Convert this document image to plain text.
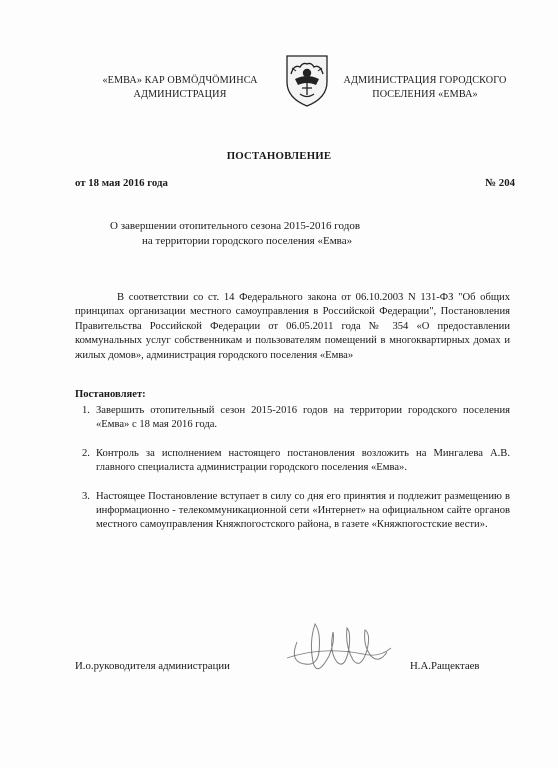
«ЕМВА» КАР ОВМÖДЧÖМИНСА
АДМИНИСТРАЦИЯ
АДМИНИСТРАЦИЯ ГОРОДСКОГО
ПОСЕЛЕНИЯ «ЕМВА»
ПОСТАНОВЛЕНИЕ
от 18 мая 2016 года	№ 204
О завершении отопительного сезона 2015-2016 годов
на территории городского поселения «Емва»
В соответствии со ст. 14 Федерального закона от 06.10.2003 N 131-ФЗ "Об общих принципах организации местного самоуправления в Российской Федерации", Постановления Правительства Российской Федерации от 06.05.2011 года № 354 «О предоставлении коммунальных услуг собственникам и пользователям помещений в многоквартирных домах и жилых домов», администрация городского поселения «Емва»
Постановляет:
1. Завершить отопительный сезон 2015-2016 годов на территории городского поселения «Емва» с 18 мая 2016 года.
2. Контроль за исполнением настоящего постановления возложить на Мингалева А.В. главного специалиста администрации городского поселения «Емва».
3. Настоящее Постановление вступает в силу со дня его принятия и подлежит размещению в информационно - телекоммуникационной сети «Интернет» на официальном сайте органов местного самоуправления Княжпогостского района, в газете «Княжпогостские вести».
И.о.руководителя администрации	Н.А.Ращектаев
